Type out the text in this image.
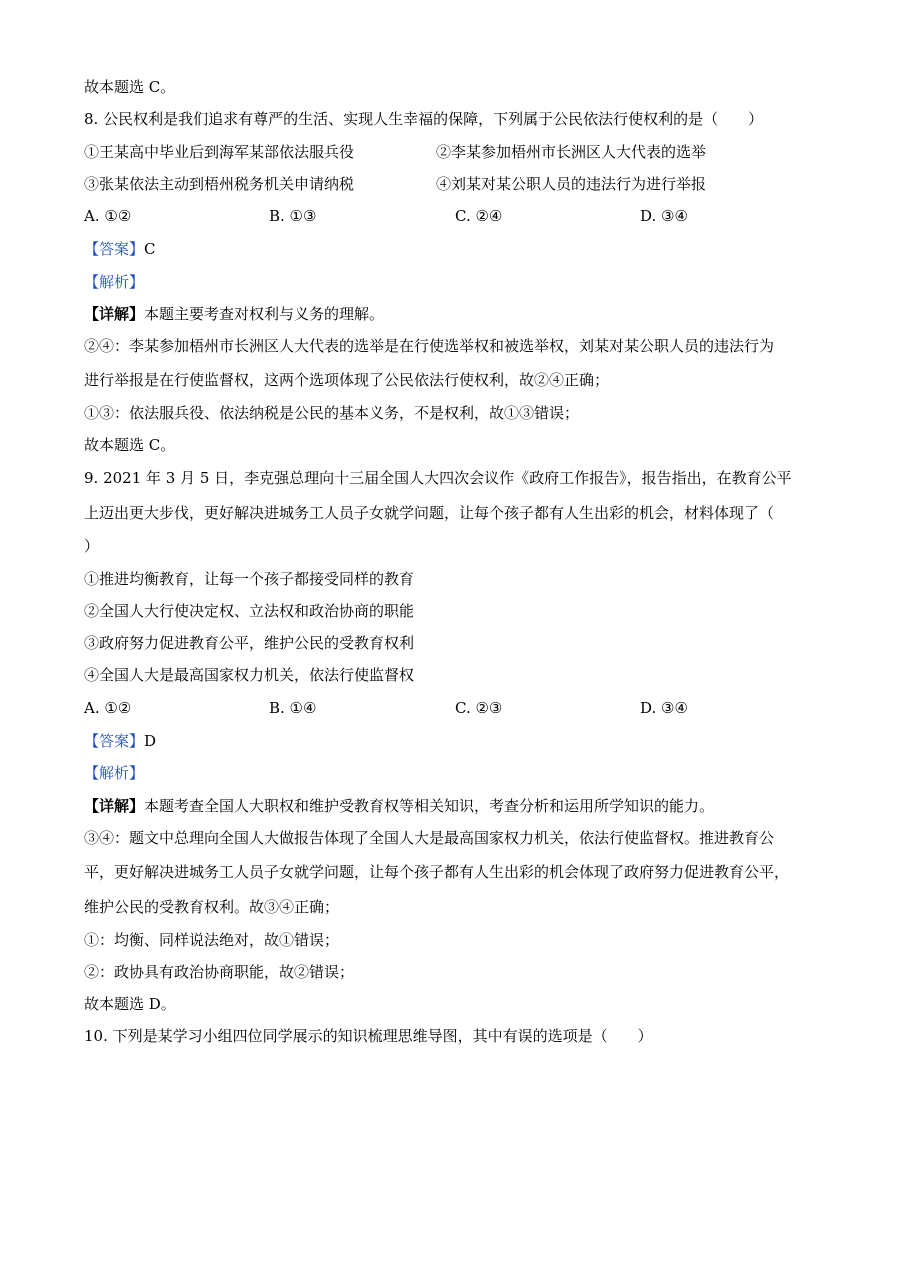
故本题选 C。
8. 公民权利是我们追求有尊严的生活、实现人生幸福的保障，下列属于公民依法行使权利的是（　　）
①王某高中毕业后到海军某部依法服兵役	②李某参加梧州市长洲区人大代表的选举
③张某依法主动到梧州税务机关申请纳税	④刘某对某公职人员的违法行为进行举报
A. ①②	B. ①③	C. ②④	D. ③④
【答案】C
【解析】
【详解】本题主要考查对权利与义务的理解。
②④：李某参加梧州市长洲区人大代表的选举是在行使选举权和被选举权，刘某对某公职人员的违法行为
进行举报是在行使监督权，这两个选项体现了公民依法行使权利，故②④正确；
①③：依法服兵役、依法纳税是公民的基本义务，不是权利，故①③错误；
故本题选 C。
9. 2021 年 3 月 5 日，李克强总理向十三届全国人大四次会议作《政府工作报告》，报告指出，在教育公平
上迈出更大步伐，更好解决进城务工人员子女就学问题，让每个孩子都有人生出彩的机会，材料体现了（
）
①推进均衡教育，让每一个孩子都接受同样的教育
②全国人大行使决定权、立法权和政治协商的职能
③政府努力促进教育公平，维护公民的受教育权利
④全国人大是最高国家权力机关，依法行使监督权
A. ①②	B. ①④	C. ②③	D. ③④
【答案】D
【解析】
【详解】本题考查全国人大职权和维护受教育权等相关知识，考查分析和运用所学知识的能力。
③④：题文中总理向全国人大做报告体现了全国人大是最高国家权力机关，依法行使监督权。推进教育公
平，更好解决进城务工人员子女就学问题，让每个孩子都有人生出彩的机会体现了政府努力促进教育公平，
维护公民的受教育权利。故③④正确；
①：均衡、同样说法绝对，故①错误；
②：政协具有政治协商职能，故②错误；
故本题选 D。
10. 下列是某学习小组四位同学展示的知识梳理思维导图，其中有误的选项是（　　）
